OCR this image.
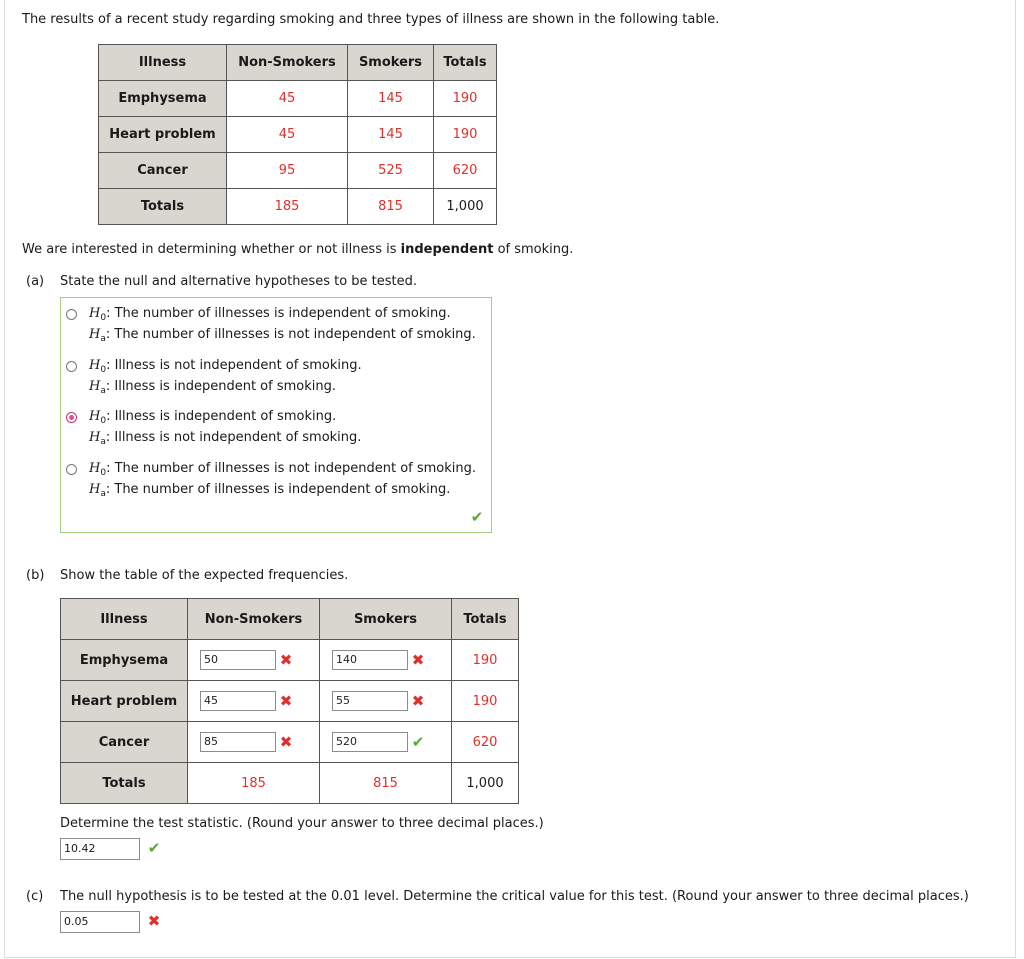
The results of a recent study regarding smoking and three types of illness are shown in the following table.
Illness	Non-Smokers	Smokers	Totals
Emphysema	45	145	190
Heart problem	45	145	190
Cancer	95	525	620
Totals	185	815	1,000
We are interested in determining whether or not illness is independent of smoking.
(a) State the null and alternative hypotheses to be tested.
$H_0$: The number of illnesses is independent of smoking.
$H_a$: The number of illnesses is not independent of smoking.
$H_0$: Illness is not independent of smoking.
$H_a$: Illness is independent of smoking.
$H_0$: Illness is independent of smoking.
$H_a$: Illness is not independent of smoking.
$H_0$: The number of illnesses is not independent of smoking.
$H_a$: The number of illnesses is independent of smoking.
✔
(b) Show the table of the expected frequencies.
Illness	Non-Smokers	Smokers	Totals
Emphysema	50 ✖	140 ✖	190
Heart problem	45 ✖	55 ✖	190
Cancer	85 ✖	520 ✔	620
Totals	185	815	1,000
Determine the test statistic. (Round your answer to three decimal places.)
10.42	✔
(c) The null hypothesis is to be tested at the 0.01 level. Determine the critical value for this test. (Round your answer to three decimal places.)
0.05	✖
